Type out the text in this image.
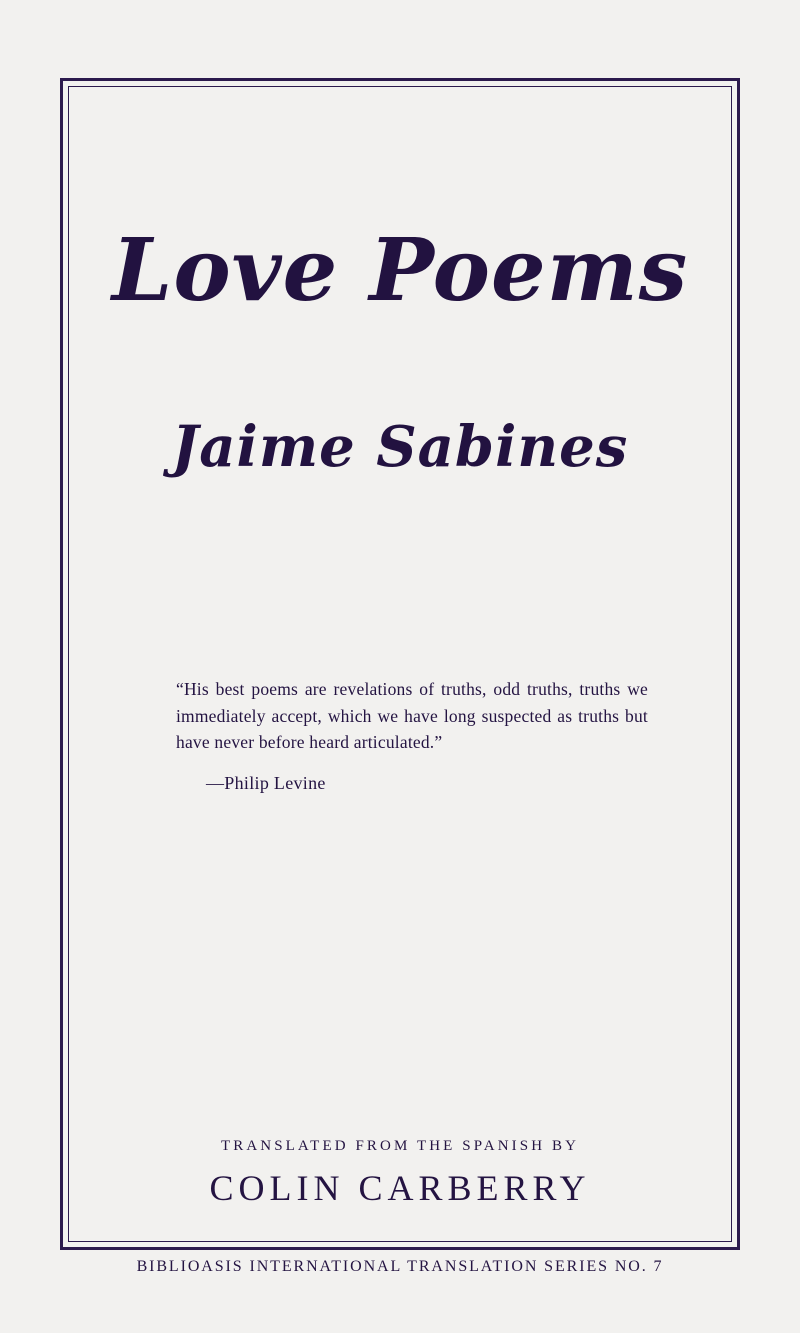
Love Poems
Jaime Sabines

“His best poems are revelations of truths, odd truths, truths we immediately accept, which we have long suspected as truths but have never before heard articulated.”

—Philip Levine

TRANSLATED FROM THE SPANISH BY

COLIN CARBERRY

BIBLIOASIS INTERNATIONAL TRANSLATION SERIES NO. 7
